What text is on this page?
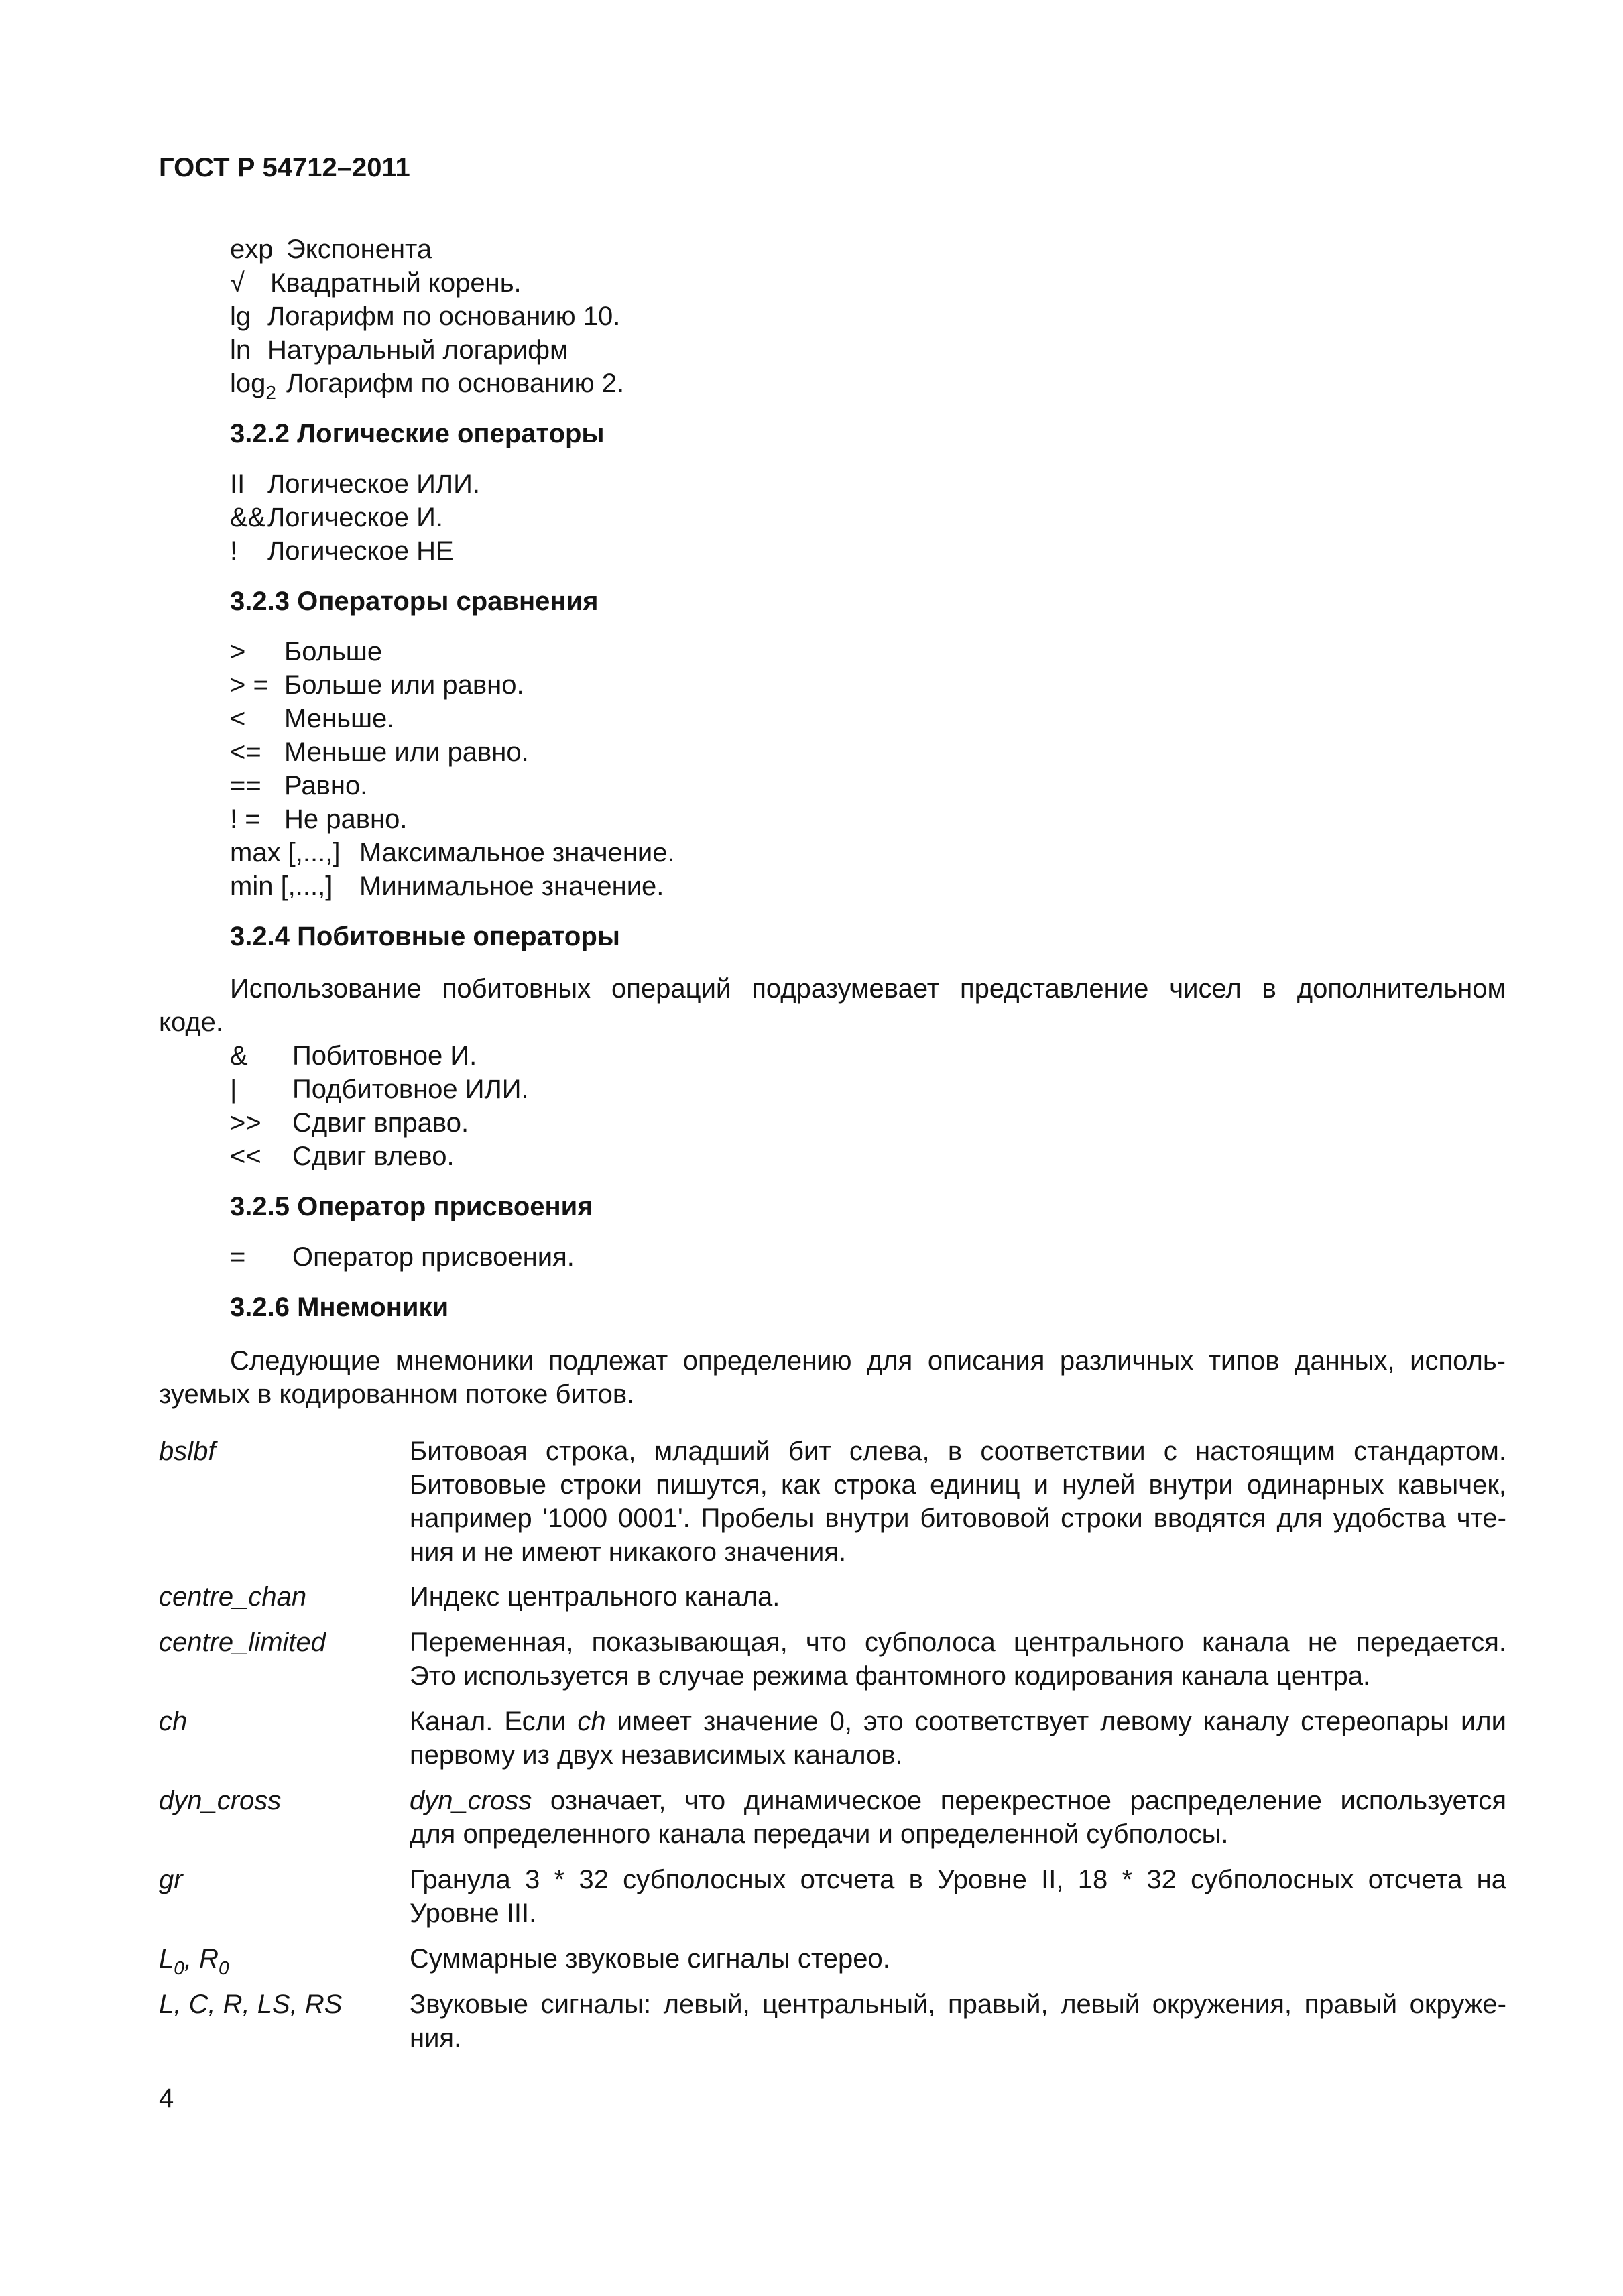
ГОСТ Р 54712–2011
exp Экспонента
√ Квадратный корень.
lg Логарифм по основанию 10.
ln Натуральный логарифм
$\log_2$ Логарифм по основанию 2.
3.2.2 Логические операторы
II Логическое ИЛИ.
&& Логическое И.
! Логическое НЕ
3.2.3 Операторы сравнения
> Больше
> = Больше или равно.
< Меньше.
<= Меньше или равно.
== Равно.
! = Не равно.
max [,...,] Максимальное значение.
min [,...,] Минимальное значение.
3.2.4 Побитовные операторы
Использование побитовных операций подразумевает представление чисел в дополнительном
коде.
& Побитовное И.
| Подбитовное ИЛИ.
>> Сдвиг вправо.
<< Сдвиг влево.
3.2.5 Оператор присвоения
= Оператор присвоения.
3.2.6 Мнемоники
Следующие мнемоники подлежат определению для описания различных типов данных, исполь-
зуемых в кодированном потоке битов.
bslbf	Битовоая строка, младший бит слева, в соответствии с настоящим стандартом.
Битововые строки пишутся, как строка единиц и нулей внутри одинарных кавычек,
например '1000 0001'. Пробелы внутри битововой строки вводятся для удобства чте-
ния и не имеют никакого значения.
centre_chan	Индекс центрального канала.
centre_limited	Переменная, показывающая, что субполоса центрального канала не передается.
Это используется в случае режима фантомного кодирования канала центра.
ch	Канал. Если ch имеет значение 0, это соответствует левому каналу стереопары или
первому из двух независимых каналов.
dyn_cross	dyn_cross означает, что динамическое перекрестное распределение используется
для определенного канала передачи и определенной субполосы.
gr	Гранула 3 * 32 субполосных отсчета в Уровне II, 18 * 32 субполосных отсчета на
Уровне III.
$L_0$, $R_0$	Суммарные звуковые сигналы стерео.
L, C, R, LS, RS	Звуковые сигналы: левый, центральный, правый, левый окружения, правый окруже-
ния.
4
